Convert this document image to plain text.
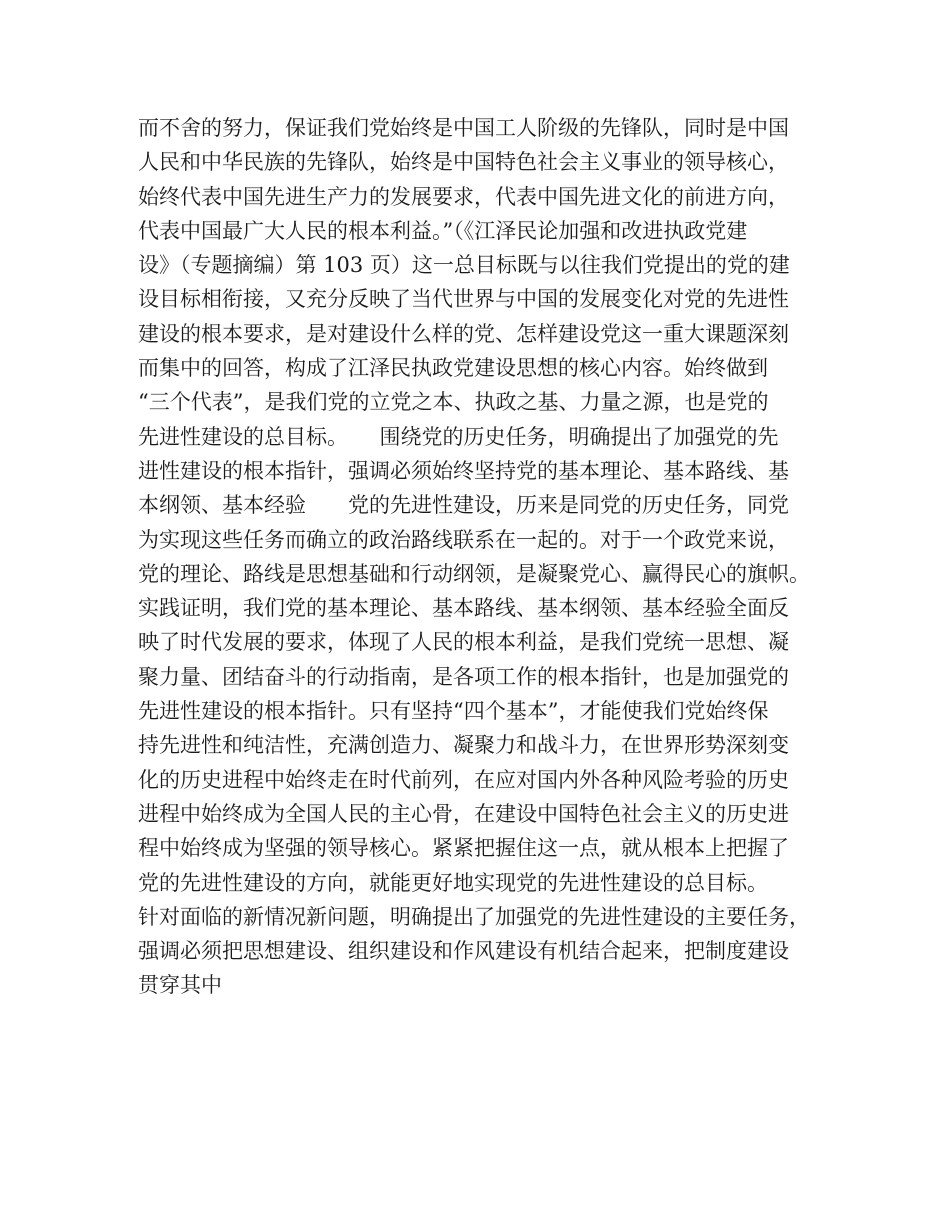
而不舍的努力，保证我们党始终是中国工人阶级的先锋队，同时是中国
人民和中华民族的先锋队，始终是中国特色社会主义事业的领导核心，
始终代表中国先进生产力的发展要求，代表中国先进文化的前进方向，
代表中国最广大人民的根本利益。”（《江泽民论加强和改进执政党建
设》（专题摘编）第 103 页）这一总目标既与以往我们党提出的党的建
设目标相衔接，又充分反映了当代世界与中国的发展变化对党的先进性
建设的根本要求，是对建设什么样的党、怎样建设党这一重大课题深刻
而集中的回答，构成了江泽民执政党建设思想的核心内容。始终做到
“三个代表”，是我们党的立党之本、执政之基、力量之源，也是党的
先进性建设的总目标。　　围绕党的历史任务，明确提出了加强党的先
进性建设的根本指针，强调必须始终坚持党的基本理论、基本路线、基
本纲领、基本经验　　党的先进性建设，历来是同党的历史任务，同党
为实现这些任务而确立的政治路线联系在一起的。对于一个政党来说，
党的理论、路线是思想基础和行动纲领，是凝聚党心、赢得民心的旗帜。
实践证明，我们党的基本理论、基本路线、基本纲领、基本经验全面反
映了时代发展的要求，体现了人民的根本利益，是我们党统一思想、凝
聚力量、团结奋斗的行动指南，是各项工作的根本指针，也是加强党的
先进性建设的根本指针。只有坚持“四个基本”，才能使我们党始终保
持先进性和纯洁性，充满创造力、凝聚力和战斗力，在世界形势深刻变
化的历史进程中始终走在时代前列，在应对国内外各种风险考验的历史
进程中始终成为全国人民的主心骨，在建设中国特色社会主义的历史进
程中始终成为坚强的领导核心。紧紧把握住这一点，就从根本上把握了
党的先进性建设的方向，就能更好地实现党的先进性建设的总目标。
针对面临的新情况新问题，明确提出了加强党的先进性建设的主要任务，
强调必须把思想建设、组织建设和作风建设有机结合起来，把制度建设
贯穿其中
